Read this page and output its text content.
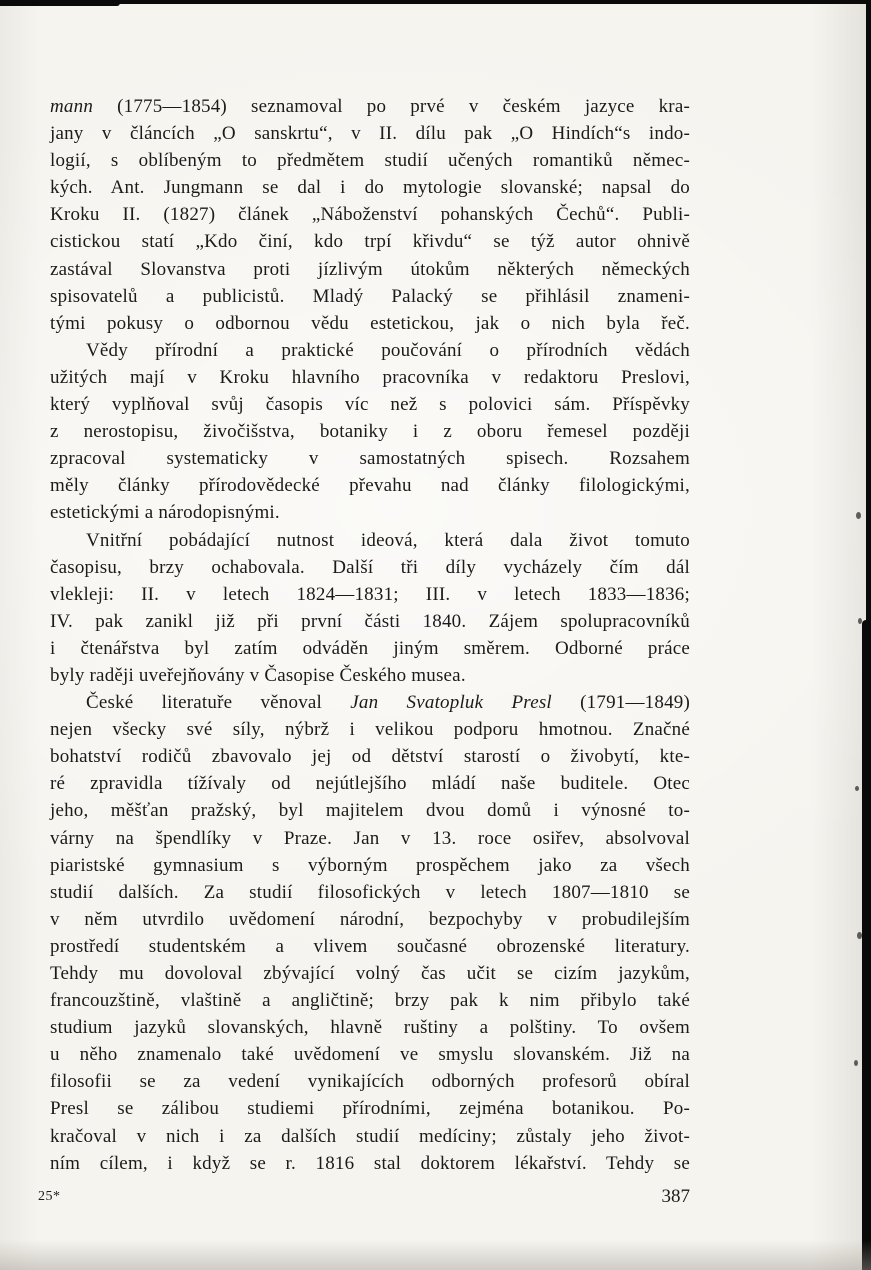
mann (1775—1854) seznamoval po prvé v českém jazyce kra-
jany v článcích „O sanskrtu“, v II. dílu pak „O Hindích“s indo-
logií, s oblíbeným to předmětem studií učených romantiků němec-
kých. Ant. Jungmann se dal i do mytologie slovanské; napsal do
Kroku II. (1827) článek „Náboženství pohanských Čechů“. Publi-
cistickou statí „Kdo činí, kdo trpí křivdu“ se týž autor ohnivě
zastával Slovanstva proti jízlivým útokům některých německých
spisovatelů a publicistů. Mladý Palacký se přihlásil znameni-
tými pokusy o odbornou vědu estetickou, jak o nich byla řeč.
Vědy přírodní a praktické poučování o přírodních vědách
užitých mají v Kroku hlavního pracovníka v redaktoru Preslovi,
který vyplňoval svůj časopis víc než s polovici sám. Příspěvky
z nerostopisu, živočišstva, botaniky i z oboru řemesel později
zpracoval systematicky v samostatných spisech. Rozsahem
měly články přírodovědecké převahu nad články filologickými,
estetickými a národopisnými.
Vnitřní pobádající nutnost ideová, která dala život tomuto
časopisu, brzy ochabovala. Další tři díly vycházely čím dál
vlekleji: II. v letech 1824—1831; III. v letech 1833—1836;
IV. pak zanikl již při první části 1840. Zájem spolupracovníků
i čtenářstva byl zatím odváděn jiným směrem. Odborné práce
byly raději uveřejňovány v Časopise Českého musea.
České literatuře věnoval Jan Svatopluk Presl (1791—1849)
nejen všecky své síly, nýbrž i velikou podporu hmotnou. Značné
bohatství rodičů zbavovalo jej od dětství starostí o živobytí, kte-
ré zpravidla tížívaly od nejútlejšího mládí naše buditele. Otec
jeho, měšťan pražský, byl majitelem dvou domů i výnosné to-
várny na špendlíky v Praze. Jan v 13. roce osiřev, absolvoval
piaristské gymnasium s výborným prospěchem jako za všech
studií dalších. Za studií filosofických v letech 1807—1810 se
v něm utvrdilo uvědomení národní, bezpochyby v probudilejším
prostředí studentském a vlivem současné obrozenské literatury.
Tehdy mu dovoloval zbývající volný čas učit se cizím jazykům,
francouzštině, vlaštině a angličtině; brzy pak k nim přibylo také
studium jazyků slovanských, hlavně ruštiny a polštiny. To ovšem
u něho znamenalo také uvědomení ve smyslu slovanském. Již na
filosofii se za vedení vynikajících odborných profesorů obíral
Presl se zálibou studiemi přírodními, zejména botanikou. Po-
kračoval v nich i za dalších studií medíciny; zůstaly jeho život-
ním cílem, i když se r. 1816 stal doktorem lékařství. Tehdy se
25*	387
